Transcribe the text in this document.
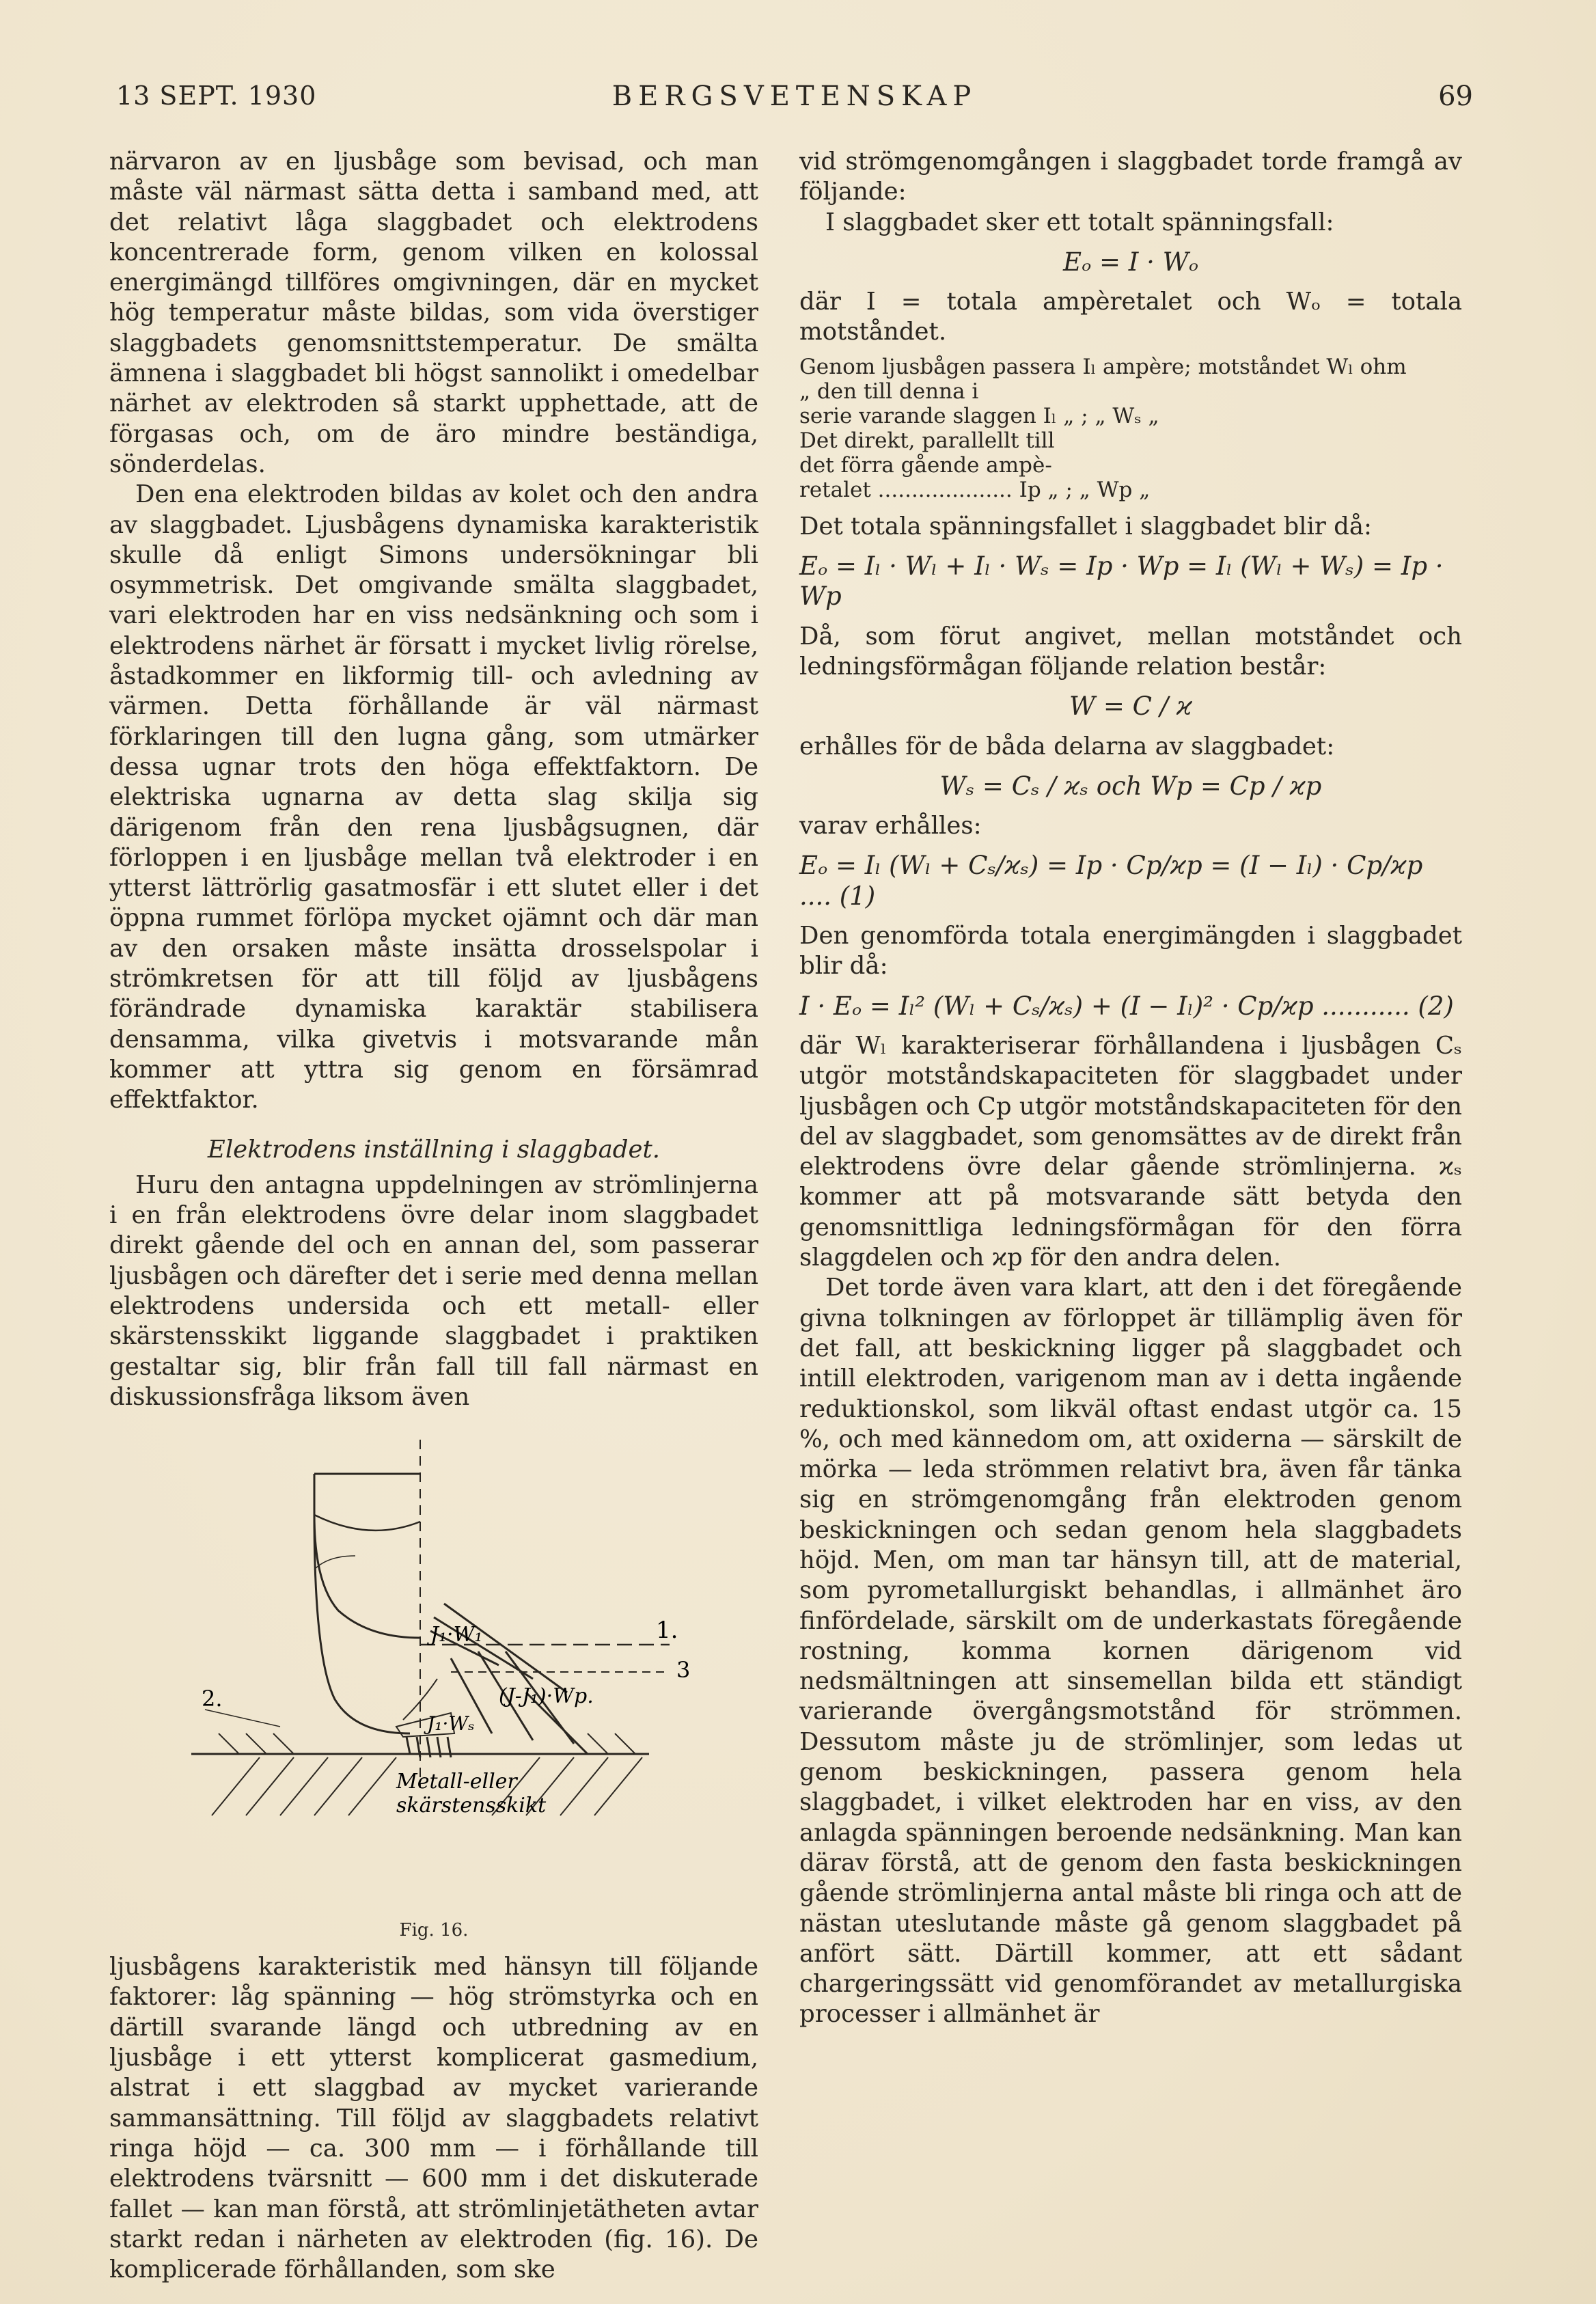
13 SEPT. 1930	BERGSVETENSKAP	69

närvaron av en ljusbåge som bevisad, och man måste väl närmast sätta detta i samband med, att det relativt låga slaggbadet och elektrodens koncentrerade form, genom vilken en kolossal energimängd tillföres omgivningen, där en mycket hög temperatur måste bildas, som vida överstiger slaggbadets genomsnittstemperatur. De smälta ämnena i slaggbadet bli högst sannolikt i omedelbar närhet av elektroden så starkt upphettade, att de förgasas och, om de äro mindre beständiga, sönderdelas.

Den ena elektroden bildas av kolet och den andra av slaggbadet. Ljusbågens dynamiska karakteristik skulle då enligt Simons undersökningar bli osymmetrisk. Det omgivande smälta slaggbadet, vari elektroden har en viss nedsänkning och som i elektrodens närhet är försatt i mycket livlig rörelse, åstadkommer en likformig till- och avledning av värmen. Detta förhållande är väl närmast förklaringen till den lugna gång, som utmärker dessa ugnar trots den höga effektfaktorn. De elektriska ugnarna av detta slag skilja sig därigenom från den rena ljusbågsugnen, där förloppen i en ljusbåge mellan två elektroder i en ytterst lättrörlig gasatmosfär i ett slutet eller i det öppna rummet förlöpa mycket ojämnt och där man av den orsaken måste insätta drosselspolar i strömkretsen för att till följd av ljusbågens förändrade dynamiska karaktär stabilisera densamma, vilka givetvis i motsvarande mån kommer att yttra sig genom en försämrad effektfaktor.

Elektrodens inställning i slaggbadet.

Huru den antagna uppdelningen av strömlinjerna i en från elektrodens övre delar inom slaggbadet direkt gående del och en annan del, som passerar ljusbågen och därefter det i serie med denna mellan elektrodens undersida och ett metall- eller skärstensskikt liggande slaggbadet i praktiken gestaltar sig, blir från fall till fall närmast en diskussionsfråga liksom även

1.
2.
3
J₁·W₁
(J-J₁)·Wp.
J₁·Wₛ
Metall-eller
skärstensskikt
Fig. 16.

ljusbågens karakteristik med hänsyn till följande faktorer: låg spänning — hög strömstyrka och en därtill svarande längd och utbredning av en ljusbåge i ett ytterst komplicerat gasmedium, alstrat i ett slaggbad av mycket varierande sammansättning. Till följd av slaggbadets relativt ringa höjd — ca. 300 mm — i förhållande till elektrodens tvärsnitt — 600 mm i det diskuterade fallet — kan man förstå, att strömlinjetätheten avtar starkt redan i närheten av elektroden (fig. 16). De komplicerade förhållanden, som ske

vid strömgenomgången i slaggbadet torde framgå av följande:

I slaggbadet sker ett totalt spänningsfall:

Eₒ = I · Wₒ

där I = totala ampèretalet och Wₒ = totala motståndet.

Genom ljusbågen passera Iₗ ampère; motståndet Wₗ ohm
„ den till denna i
serie varande slaggen Iₗ „ ; „ Wₛ „
Det direkt, parallellt till
det förra gående ampè-
retalet .................... Ip „ ; „ Wp „

Det totala spänningsfallet i slaggbadet blir då:

Eₒ = Iₗ · Wₗ + Iₗ · Wₛ = Ip · Wp = Iₗ (Wₗ + Wₛ) = Ip · Wp

Då, som förut angivet, mellan motståndet och ledningsförmågan följande relation består:

W = C / ϰ

erhålles för de båda delarna av slaggbadet:

Wₛ = Cₛ / ϰₛ och Wp = Cp / ϰp

varav erhålles:

Eₒ = Iₗ (Wₗ + Cₛ/ϰₛ) = Ip · Cp/ϰp = (I − Iₗ) · Cp/ϰp .... (1)

Den genomförda totala energimängden i slaggbadet blir då:

I · Eₒ = Iₗ² (Wₗ + Cₛ/ϰₛ) + (I − Iₗ)² · Cp/ϰp ........... (2)

där Wₗ karakteriserar förhållandena i ljusbågen Cₛ utgör motståndskapaciteten för slaggbadet under ljusbågen och Cp utgör motståndskapaciteten för den del av slaggbadet, som genomsättes av de direkt från elektrodens övre delar gående strömlinjerna. ϰₛ kommer att på motsvarande sätt betyda den genomsnittliga ledningsförmågan för den förra slaggdelen och ϰp för den andra delen.

Det torde även vara klart, att den i det föregående givna tolkningen av förloppet är tillämplig även för det fall, att beskickning ligger på slaggbadet och intill elektroden, varigenom man av i detta ingående reduktionskol, som likväl oftast endast utgör ca. 15 %, och med kännedom om, att oxiderna — särskilt de mörka — leda strömmen relativt bra, även får tänka sig en strömgenomgång från elektroden genom beskickningen och sedan genom hela slaggbadets höjd. Men, om man tar hänsyn till, att de material, som pyrometallurgiskt behandlas, i allmänhet äro finfördelade, särskilt om de underkastats föregående rostning, komma kornen därigenom vid nedsmältningen att sinsemellan bilda ett ständigt varierande övergångsmotstånd för strömmen. Dessutom måste ju de strömlinjer, som ledas ut genom beskickningen, passera genom hela slaggbadet, i vilket elektroden har en viss, av den anlagda spänningen beroende nedsänkning. Man kan därav förstå, att de genom den fasta beskickningen gående strömlinjerna antal måste bli ringa och att de nästan uteslutande måste gå genom slaggbadet på anfört sätt. Därtill kommer, att ett sådant chargeringssätt vid genomförandet av metallurgiska processer i allmänhet är
